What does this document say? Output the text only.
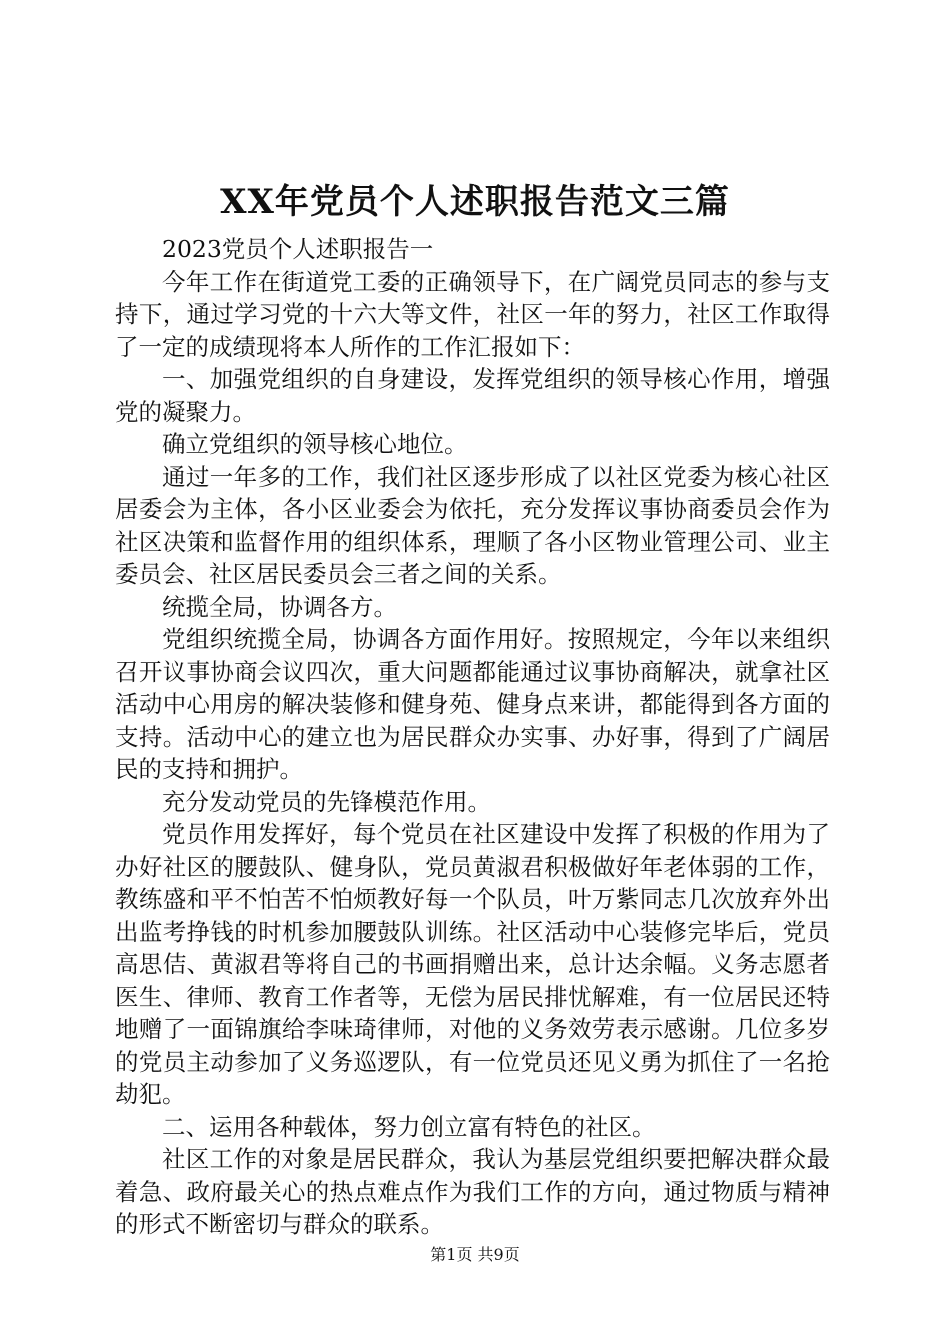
XX年党员个人述职报告范文三篇

2023党员个人述职报告一

今年工作在街道党工委的正确领导下，在广阔党员同志的参与支持下，通过学习党的十六大等文件，社区一年的努力，社区工作取得了一定的成绩现将本人所作的工作汇报如下：

一、加强党组织的自身建设，发挥党组织的领导核心作用，增强党的凝聚力。

确立党组织的领导核心地位。

通过一年多的工作，我们社区逐步形成了以社区党委为核心社区居委会为主体，各小区业委会为依托，充分发挥议事协商委员会作为社区决策和监督作用的组织体系，理顺了各小区物业管理公司、业主委员会、社区居民委员会三者之间的关系。

统揽全局，协调各方。

党组织统揽全局，协调各方面作用好。按照规定，今年以来组织召开议事协商会议四次，重大问题都能通过议事协商解决，就拿社区活动中心用房的解决装修和健身苑、健身点来讲，都能得到各方面的支持。活动中心的建立也为居民群众办实事、办好事，得到了广阔居民的支持和拥护。

充分发动党员的先锋模范作用。

党员作用发挥好，每个党员在社区建设中发挥了积极的作用为了办好社区的腰鼓队、健身队，党员黄淑君积极做好年老体弱的工作，教练盛和平不怕苦不怕烦教好每一个队员，叶万紫同志几次放弃外出出监考挣钱的时机参加腰鼓队训练。社区活动中心装修完毕后，党员高思佶、黄淑君等将自己的书画捐赠出来，总计达余幅。义务志愿者医生、律师、教育工作者等，无偿为居民排忧解难，有一位居民还特地赠了一面锦旗给李味琦律师，对他的义务效劳表示感谢。几位多岁的党员主动参加了义务巡逻队，有一位党员还见义勇为抓住了一名抢劫犯。

二、运用各种载体，努力创立富有特色的社区。

社区工作的对象是居民群众，我认为基层党组织要把解决群众最着急、政府最关心的热点难点作为我们工作的方向，通过物质与精神的形式不断密切与群众的联系。

第1页 共9页
